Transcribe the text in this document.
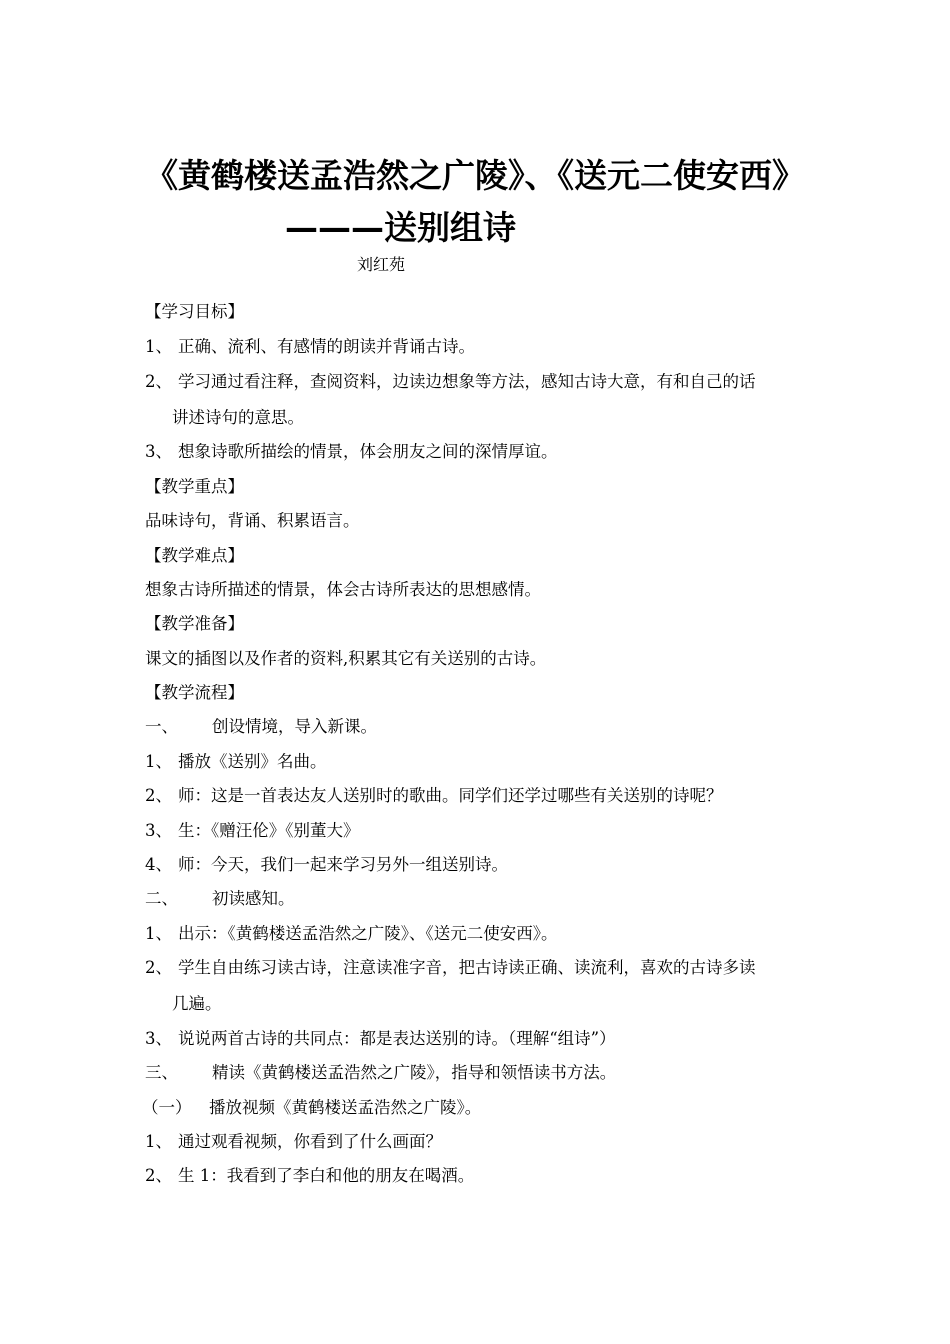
《黄鹤楼送孟浩然之广陵》、《送元二使安西》
———送别组诗
刘红苑
【学习目标】
1、 正确、流利、有感情的朗读并背诵古诗。
2、 学习通过看注释，查阅资料，边读边想象等方法，感知古诗大意，有和自己的话
讲述诗句的意思。
3、 想象诗歌所描绘的情景，体会朋友之间的深情厚谊。
【教学重点】
品味诗句，背诵、积累语言。
【教学难点】
想象古诗所描述的情景，体会古诗所表达的思想感情。
【教学准备】
课文的插图以及作者的资料,积累其它有关送别的古诗。
【教学流程】
一、 创设情境，导入新课。
1、 播放《送别》名曲。
2、 师：这是一首表达友人送别时的歌曲。同学们还学过哪些有关送别的诗呢？
3、 生：《赠汪伦》《别董大》
4、 师：今天，我们一起来学习另外一组送别诗。
二、 初读感知。
1、 出示：《黄鹤楼送孟浩然之广陵》、《送元二使安西》。
2、 学生自由练习读古诗，注意读准字音，把古诗读正确、读流利，喜欢的古诗多读
几遍。
3、 说说两首古诗的共同点：都是表达送别的诗。（理解“组诗”）
三、 精读《黄鹤楼送孟浩然之广陵》，指导和领悟读书方法。
（一） 播放视频《黄鹤楼送孟浩然之广陵》。
1、 通过观看视频，你看到了什么画面？
2、 生 1：我看到了李白和他的朋友在喝酒。
